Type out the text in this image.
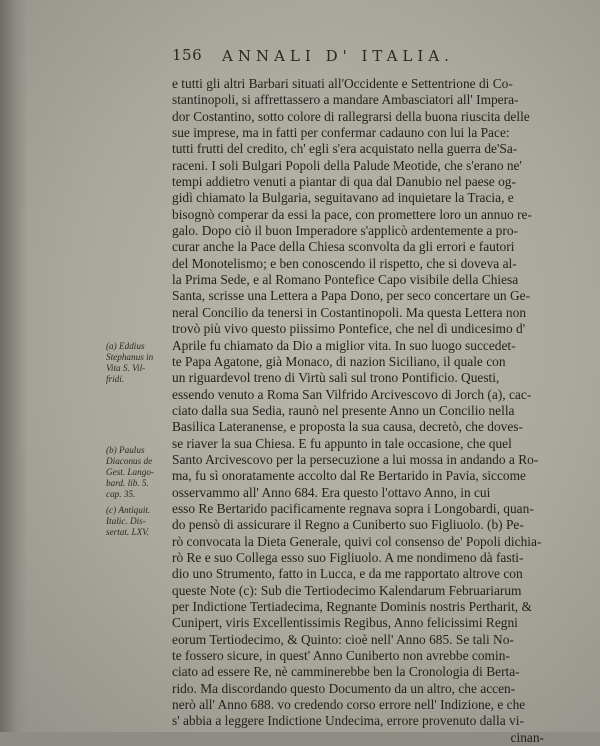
156 ANNALI D' ITALIA.
e tutti gli altri Barbari situati all'Occidente e Settentrione di Co-
stantinopoli, si affrettassero a mandare Ambasciatori all' Impera-
dor Costantino, sotto colore di rallegrarsi della buona riuscita delle
sue imprese, ma in fatti per confermar cadauno con lui la Pace:
tutti frutti del credito, ch' egli s'era acquistato nella guerra de'Sa-
raceni. I soli Bulgari Popoli della Palude Meotide, che s'erano ne'
tempi addietro venuti a piantar di qua dal Danubio nel paese og-
gidì chiamato la Bulgaria, seguitavano ad inquietare la Tracia, e
bisognò comperar da essi la pace, con promettere loro un annuo re-
galo. Dopo ciò il buon Imperadore s'applicò ardentemente a pro-
curar anche la Pace della Chiesa sconvolta da gli errori e fautori
del Monotelismo; e ben conoscendo il rispetto, che si doveva al-
la Prima Sede, e al Romano Pontefice Capo visibile della Chiesa
Santa, scrisse una Lettera a Papa Dono, per seco concertare un Ge-
neral Concilio da tenersi in Costantinopoli. Ma questa Lettera non
trovò più vivo questo piissimo Pontefice, che nel dì undicesimo d'
Aprile fu chiamato da Dio a miglior vita. In suo luogo succedet-
te Papa Agatone, già Monaco, di nazion Siciliano, il quale con
un riguardevol treno di Virtù salì sul trono Pontificio. Questi,
essendo venuto a Roma San Vilfrido Arcivescovo di Jorch (a), cac-
ciato dalla sua Sedia, raunò nel presente Anno un Concilio nella
Basilica Lateranense, e proposta la sua causa, decretò, che doves-
se riaver la sua Chiesa. E fu appunto in tale occasione, che quel
Santo Arcivescovo per la persecuzione a lui mossa in andando a Ro-
ma, fu sì onoratamente accolto dal Re Bertarido in Pavia, siccome
osservammo all' Anno 684. Era questo l'ottavo Anno, in cui
esso Re Bertarido pacificamente regnava sopra i Longobardi, quan-
do pensò di assicurare il Regno a Cuniberto suo Figliuolo. (b) Pe-
rò convocata la Dieta Generale, quivi col consenso de' Popoli dichia-
rò Re e suo Collega esso suo Figliuolo. A me nondimeno dà fasti-
dio uno Strumento, fatto in Lucca, e da me rapportato altrove con
queste Note (c): Sub die Tertiodecimo Kalendarum Februariarum
per Indictione Tertiadecima, Regnante Dominis nostris Pertharit, &
Cunipert, viris Excellentissimis Regibus, Anno felicissimi Regni
eorum Tertiodecimo, & Quinto: cioè nell' Anno 685. Se tali No-
te fossero sicure, in quest' Anno Cuniberto non avrebbe comin-
ciato ad essere Re, nè camminerebbe ben la Cronologia di Berta-
rido. Ma discordando questo Documento da un altro, che accen-
nerò all' Anno 688. vo credendo corso errore nell' Indizione, e che
s' abbia a leggere Indictione Undecima, errore provenuto dalla vi-
cinan-
(a) Eddius
Stephanus in
Vita S. Vil-
fridi.
(b) Paulus
Diaconus de
Gest. Lango-
bard. lib. 5.
cap. 35.
(c) Antiquit.
Italic. Dis-
sertat. LXV.
